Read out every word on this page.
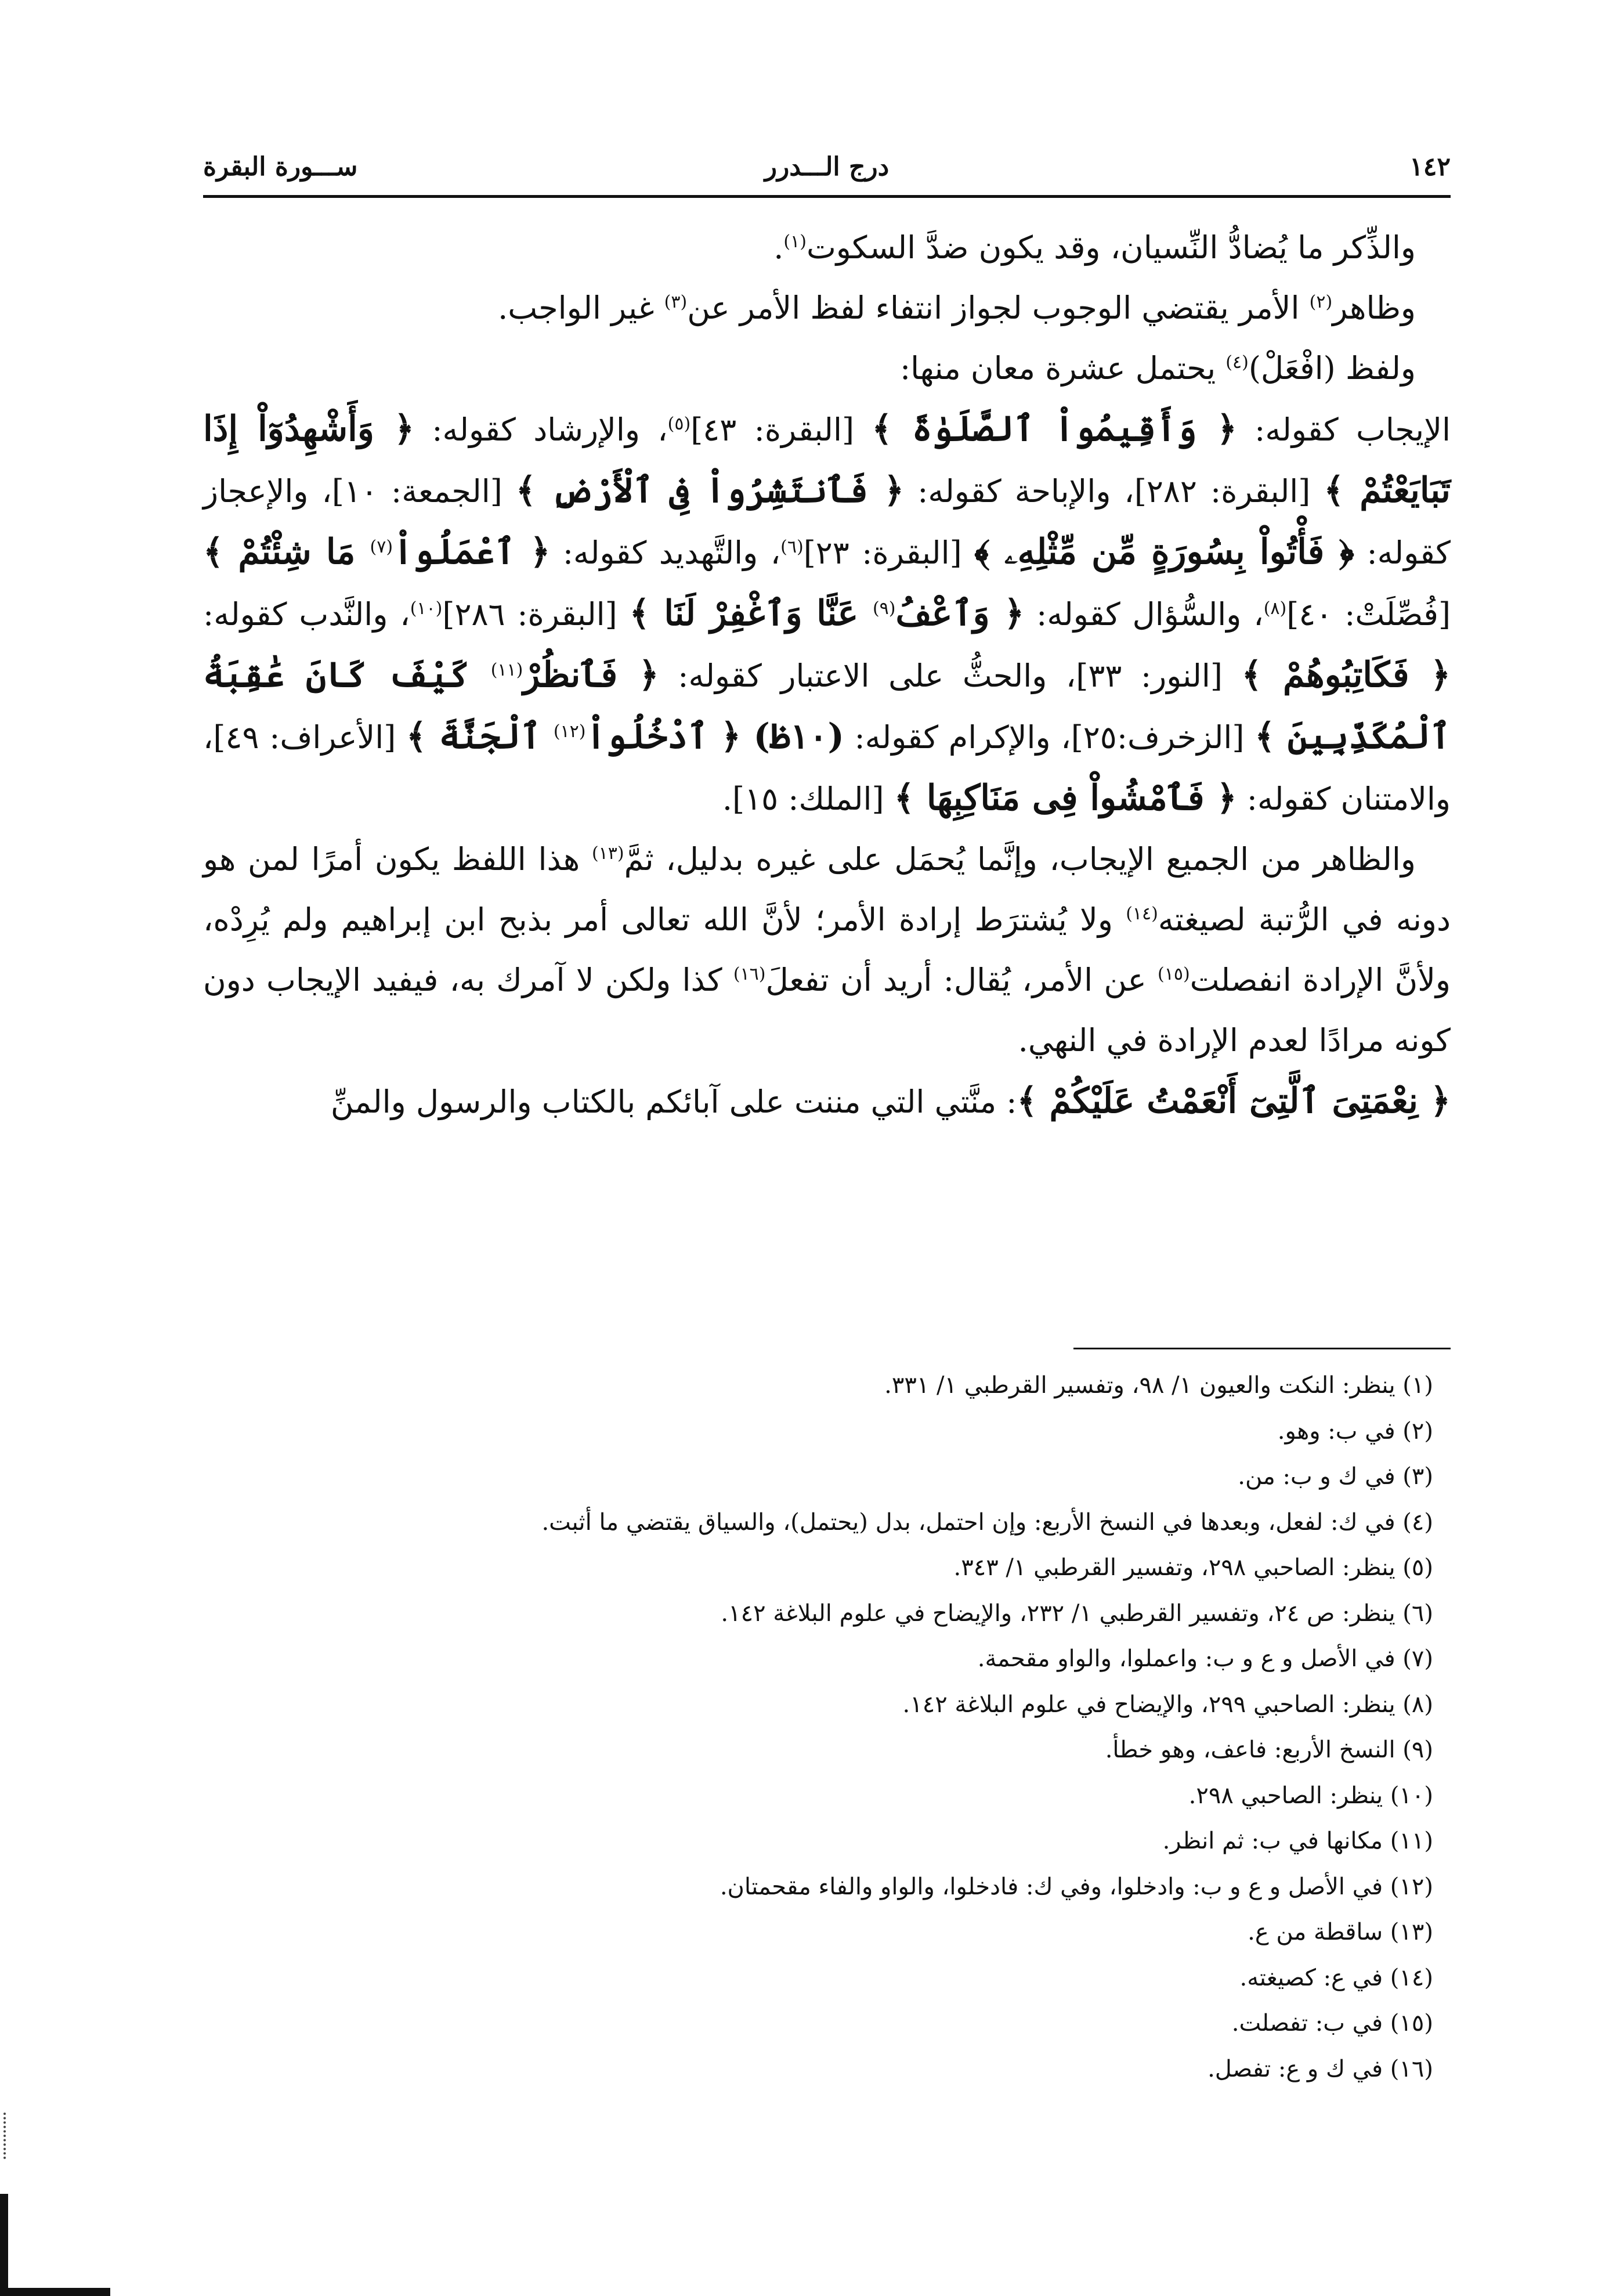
١٤٢
درج الـــدرر
ســـورة البقرة

والذِّكر ما يُضادُّ النِّسيان، وقد يكون ضدَّ السكوت$^{(١)}$.

وظاهر$^{(٢)}$ الأمر يقتضي الوجوب لجواز انتفاء لفظ الأمر عن$^{(٣)}$ غير الواجب.

ولفظ (افْعَلْ)$^{(٤)}$ يحتمل عشرة معان منها:

الإيجاب كقوله: ﴿ وَأَقِيمُواْ ٱلصَّلَوٰةَ ﴾ [البقرة: ٤٣]$^{(٥)}$، والإرشاد كقوله: ﴿ وَأَشْهِدُوٓاْ إِذَا تَبَايَعْتُمْ ﴾ [البقرة: ٢٨٢]، والإباحة كقوله: ﴿ فَٱنتَشِرُواْ فِى ٱلْأَرْضِ ﴾ [الجمعة: ١٠]، والإعجاز كقوله: ﴿ فَأْتُواْ بِسُورَةٍ مِّن مِّثْلِهِۦ ﴾ [البقرة: ٢٣]$^{(٦)}$، والتَّهديد كقوله: ﴿ ٱعْمَلُواْ$^{(٧)}$ مَا شِئْتُمْ ﴾ [فُصِّلَتْ: ٤٠]$^{(٨)}$، والسُّؤال كقوله: ﴿ وَٱعْفُ$^{(٩)}$ عَنَّا وَٱغْفِرْ لَنَا ﴾ [البقرة: ٢٨٦]$^{(١٠)}$، والنَّدب كقوله: ﴿ فَكَاتِبُوهُمْ ﴾ [النور: ٣٣]، والحثُّ على الاعتبار كقوله: ﴿ فَٱنظُرْ$^{(١١)}$ كَيْفَ كَانَ عَٰقِبَةُ ٱلْمُكَذِّبِينَ ﴾ [الزخرف:٢٥]، والإكرام كقوله: (١٠ظ) ﴿ ٱدْخُلُواْ$^{(١٢)}$ ٱلْجَنَّةَ ﴾ [الأعراف: ٤٩]، والامتنان كقوله: ﴿ فَٱمْشُواْ فِى مَنَاكِبِهَا ﴾ [الملك: ١٥].

والظاهر من الجميع الإيجاب، وإنَّما يُحمَل على غيره بدليل، ثمَّ$^{(١٣)}$ هذا اللفظ يكون أمرًا لمن هو دونه في الرُّتبة لصيغته$^{(١٤)}$ ولا يُشترَط إرادة الأمر؛ لأنَّ الله تعالى أمر بذبح ابن إبراهيم ولم يُرِدْه، ولأنَّ الإرادة انفصلت$^{(١٥)}$ عن الأمر، يُقال: أريد أن تفعلَ$^{(١٦)}$ كذا ولكن لا آمرك به، فيفيد الإيجاب دون كونه مرادًا لعدم الإرادة في النهي.

﴿ نِعْمَتِىَ ٱلَّتِىٓ أَنْعَمْتُ عَلَيْكُمْ ﴾: منَّتي التي مننت على آبائكم بالكتاب والرسول والمنِّ

(١) ينظر: النكت والعيون ١/ ٩٨، وتفسير القرطبي ١/ ٣٣١.
(٢) في ب: وهو.
(٣) في ك و ب: من.
(٤) في ك: لفعل، وبعدها في النسخ الأربع: وإن احتمل، بدل (يحتمل)، والسياق يقتضي ما أثبت.
(٥) ينظر: الصاحبي ٢٩٨، وتفسير القرطبي ١/ ٣٤٣.
(٦) ينظر: ص ٢٤، وتفسير القرطبي ١/ ٢٣٢، والإيضاح في علوم البلاغة ١٤٢.
(٧) في الأصل و ع و ب: واعملوا، والواو مقحمة.
(٨) ينظر: الصاحبي ٢٩٩، والإيضاح في علوم البلاغة ١٤٢.
(٩) النسخ الأربع: فاعف، وهو خطأ.
(١٠) ينظر: الصاحبي ٢٩٨.
(١١) مكانها في ب: ثم انظر.
(١٢) في الأصل و ع و ب: وادخلوا، وفي ك: فادخلوا، والواو والفاء مقحمتان.
(١٣) ساقطة من ع.
(١٤) في ع: كصيغته.
(١٥) في ب: تفصلت.
(١٦) في ك و ع: تفصل.
